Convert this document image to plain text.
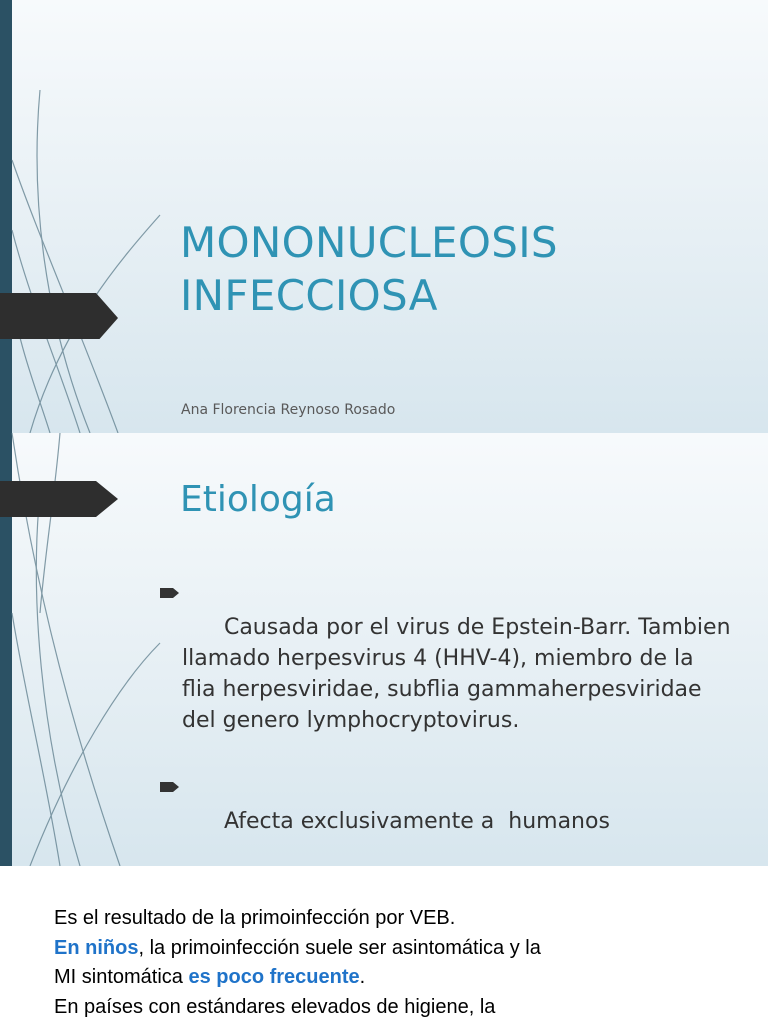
MONONUCLEOSIS
INFECCIOSA
Ana Florencia Reynoso Rosado
Etiología

Causada por el virus de Epstein-Barr. Tambien
llamado herpesvirus 4 (HHV-4), miembro de la
flia herpesviridae, subflia gammaherpesviridae
del genero lymphocryptovirus.

Afecta exclusivamente a  humanos

Es el resultado de la primoinfección por VEB.

En niños, la primoinfección suele ser asintomática y la

MI sintomática es poco frecuente.

En países con estándares elevados de higiene, la
